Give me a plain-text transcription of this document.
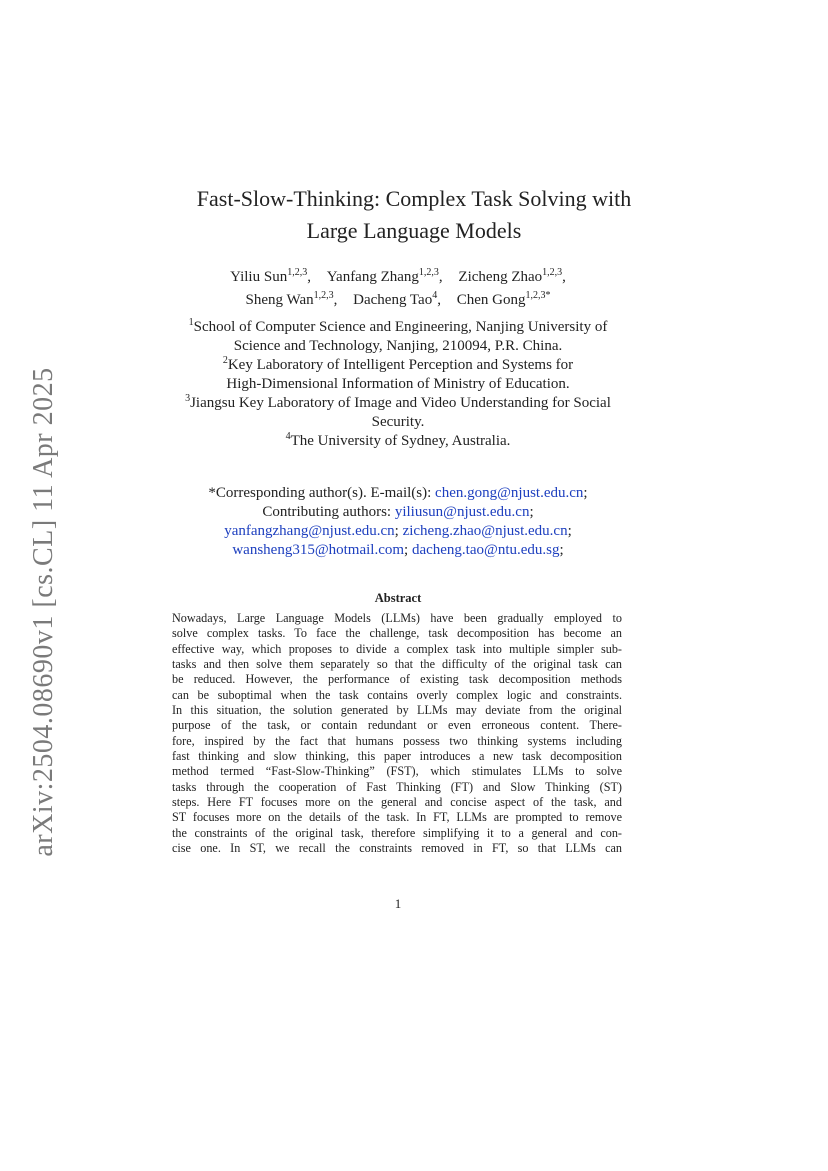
arXiv:2504.08690v1 [cs.CL] 11 Apr 2025
Fast-Slow-Thinking: Complex Task Solving with
Large Language Models
Yiliu Sun$^{1,2,3}$, Yanfang Zhang$^{1,2,3}$, Zicheng Zhao$^{1,2,3}$,
Sheng Wan$^{1,2,3}$, Dacheng Tao$^4$, Chen Gong$^{1,2,3*}$
$^1$School of Computer Science and Engineering, Nanjing University of
Science and Technology, Nanjing, 210094, P.R. China.
$^2$Key Laboratory of Intelligent Perception and Systems for
High-Dimensional Information of Ministry of Education.
$^3$Jiangsu Key Laboratory of Image and Video Understanding for Social
Security.
$^4$The University of Sydney, Australia.
*Corresponding author(s). E-mail(s): chen.gong@njust.edu.cn;
Contributing authors: yiliusun@njust.edu.cn;
yanfangzhang@njust.edu.cn; zicheng.zhao@njust.edu.cn;
wansheng315@hotmail.com; dacheng.tao@ntu.edu.sg;
Abstract
Nowadays, Large Language Models (LLMs) have been gradually employed to
solve complex tasks. To face the challenge, task decomposition has become an
effective way, which proposes to divide a complex task into multiple simpler sub-
tasks and then solve them separately so that the difficulty of the original task can
be reduced. However, the performance of existing task decomposition methods
can be suboptimal when the task contains overly complex logic and constraints.
In this situation, the solution generated by LLMs may deviate from the original
purpose of the task, or contain redundant or even erroneous content. There-
fore, inspired by the fact that humans possess two thinking systems including
fast thinking and slow thinking, this paper introduces a new task decomposition
method termed “Fast-Slow-Thinking” (FST), which stimulates LLMs to solve
tasks through the cooperation of Fast Thinking (FT) and Slow Thinking (ST)
steps. Here FT focuses more on the general and concise aspect of the task, and
ST focuses more on the details of the task. In FT, LLMs are prompted to remove
the constraints of the original task, therefore simplifying it to a general and con-
cise one. In ST, we recall the constraints removed in FT, so that LLMs can
1
